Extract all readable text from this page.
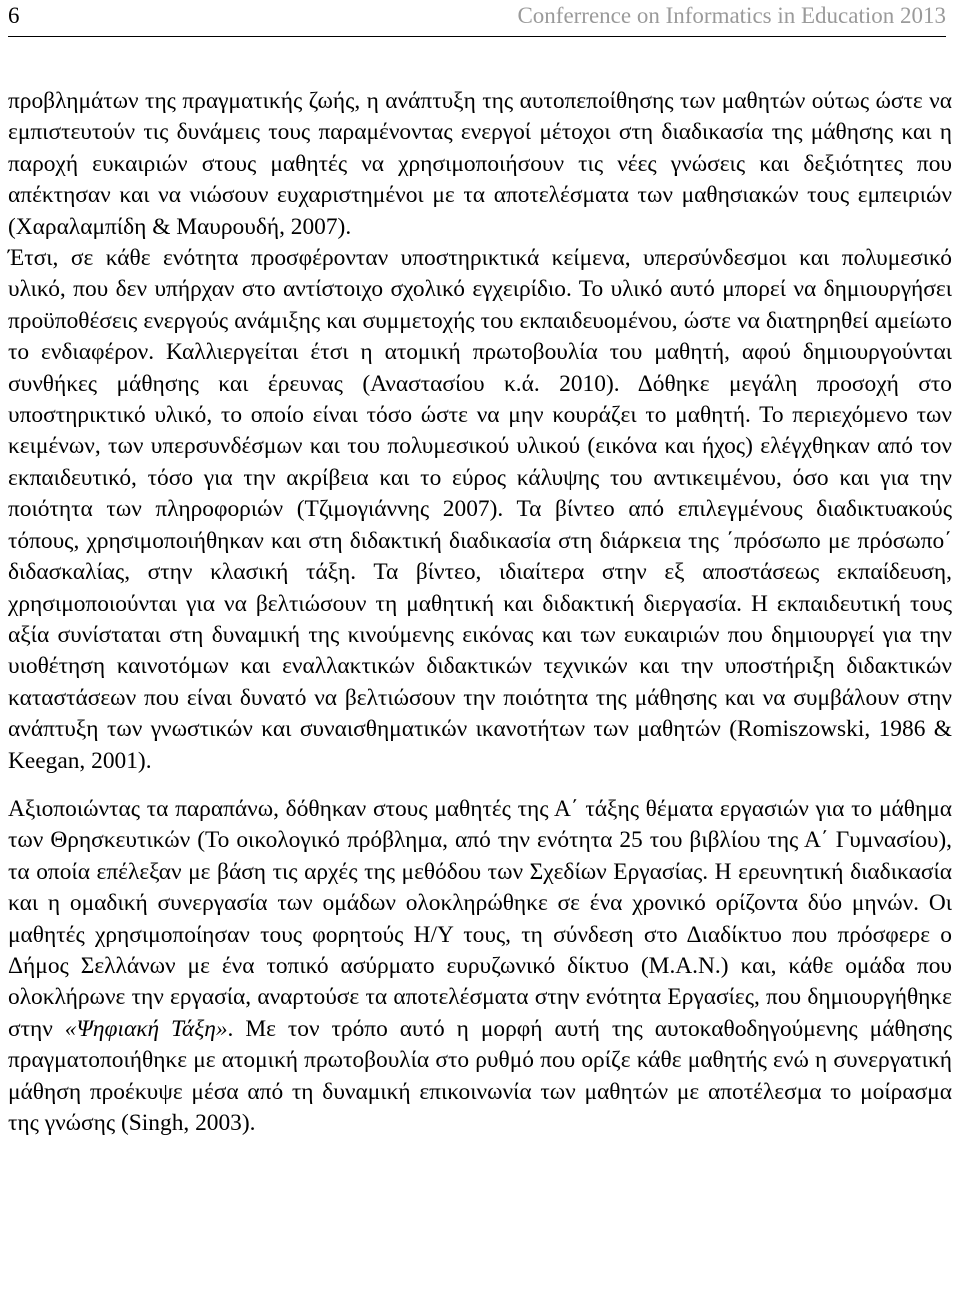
6	Conferrence on Informatics in Education 2013

προβλημάτων της πραγματικής ζωής, η ανάπτυξη της αυτοπεποίθησης των μαθητών ούτως ώστε να εμπιστευτούν τις δυνάμεις τους παραμένοντας ενεργοί μέτοχοι στη διαδικασία της μάθησης και η παροχή ευκαιριών στους μαθητές να χρησιμοποιήσουν τις νέες γνώσεις και δεξιότητες που απέκτησαν και να νιώσουν ευχαριστημένοι με τα αποτελέσματα των μαθησιακών τους εμπειριών (Χαραλαμπίδη & Μαυρουδή, 2007).

Έτσι, σε κάθε ενότητα προσφέρονταν υποστηρικτικά κείμενα, υπερσύνδεσμοι και πολυμεσικό υλικό, που δεν υπήρχαν στο αντίστοιχο σχολικό εγχειρίδιο. Το υλικό αυτό μπορεί να δημιουργήσει προϋποθέσεις ενεργούς ανάμιξης και συμμετοχής του εκπαιδευομένου, ώστε να διατηρηθεί αμείωτο το ενδιαφέρον. Καλλιεργείται έτσι η ατομική πρωτοβουλία του μαθητή, αφού δημιουργούνται συνθήκες μάθησης και έρευνας (Αναστασίου κ.ά. 2010). Δόθηκε μεγάλη προσοχή στο υποστηρικτικό υλικό, το οποίο είναι τόσο ώστε να μην κουράζει το μαθητή. Το περιεχόμενο των κειμένων, των υπερσυνδέσμων και του πολυμεσικού υλικού (εικόνα και ήχος) ελέγχθηκαν από τον εκπαιδευτικό, τόσο για την ακρίβεια και το εύρος κάλυψης του αντικειμένου, όσο και για την ποιότητα των πληροφοριών (Τζιμογιάννης 2007). Τα βίντεο από επιλεγμένους διαδικτυακούς τόπους, χρησιμοποιήθηκαν και στη διδακτική διαδικασία στη διάρκεια της ΄πρόσωπο με πρόσωπο΄ διδασκαλίας, στην κλασική τάξη. Τα βίντεο, ιδιαίτερα στην εξ αποστάσεως εκπαίδευση, χρησιμοποιούνται για να βελτιώσουν τη μαθητική και διδακτική διεργασία. Η εκπαιδευτική τους αξία συνίσταται στη δυναμική της κινούμενης εικόνας και των ευκαιριών που δημιουργεί για την υιοθέτηση καινοτόμων και εναλλακτικών διδακτικών τεχνικών και την υποστήριξη διδακτικών καταστάσεων που είναι δυνατό να βελτιώσουν την ποιότητα της μάθησης και να συμβάλουν στην ανάπτυξη των γνωστικών και συναισθηματικών ικανοτήτων των μαθητών (Romiszowski, 1986 & Keegan, 2001).

Αξιοποιώντας τα παραπάνω, δόθηκαν στους μαθητές της Α΄ τάξης θέματα εργασιών για το μάθημα των Θρησκευτικών (Το οικολογικό πρόβλημα, από την ενότητα 25 του βιβλίου της Α΄ Γυμνασίου), τα οποία επέλεξαν με βάση τις αρχές της μεθόδου των Σχεδίων Εργασίας. Η ερευνητική διαδικασία και η ομαδική συνεργασία των ομάδων ολοκληρώθηκε σε ένα χρονικό ορίζοντα δύο μηνών. Οι μαθητές χρησιμοποίησαν τους φορητούς Η/Υ τους, τη σύνδεση στο Διαδίκτυο που πρόσφερε ο Δήμος Σελλάνων με ένα τοπικό ασύρματο ευρυζωνικό δίκτυο (Μ.Α.Ν.) και, κάθε ομάδα που ολοκλήρωνε την εργασία, αναρτούσε τα αποτελέσματα στην ενότητα Εργασίες, που δημιουργήθηκε στην «Ψηφιακή Τάξη». Με τον τρόπο αυτό η μορφή αυτή της αυτοκαθοδηγούμενης μάθησης πραγματοποιήθηκε με ατομική πρωτοβουλία στο ρυθμό που ορίζε κάθε μαθητής ενώ η συνεργατική μάθηση προέκυψε μέσα από τη δυναμική επικοινωνία των μαθητών με αποτέλεσμα το μοίρασμα της γνώσης (Singh, 2003).
